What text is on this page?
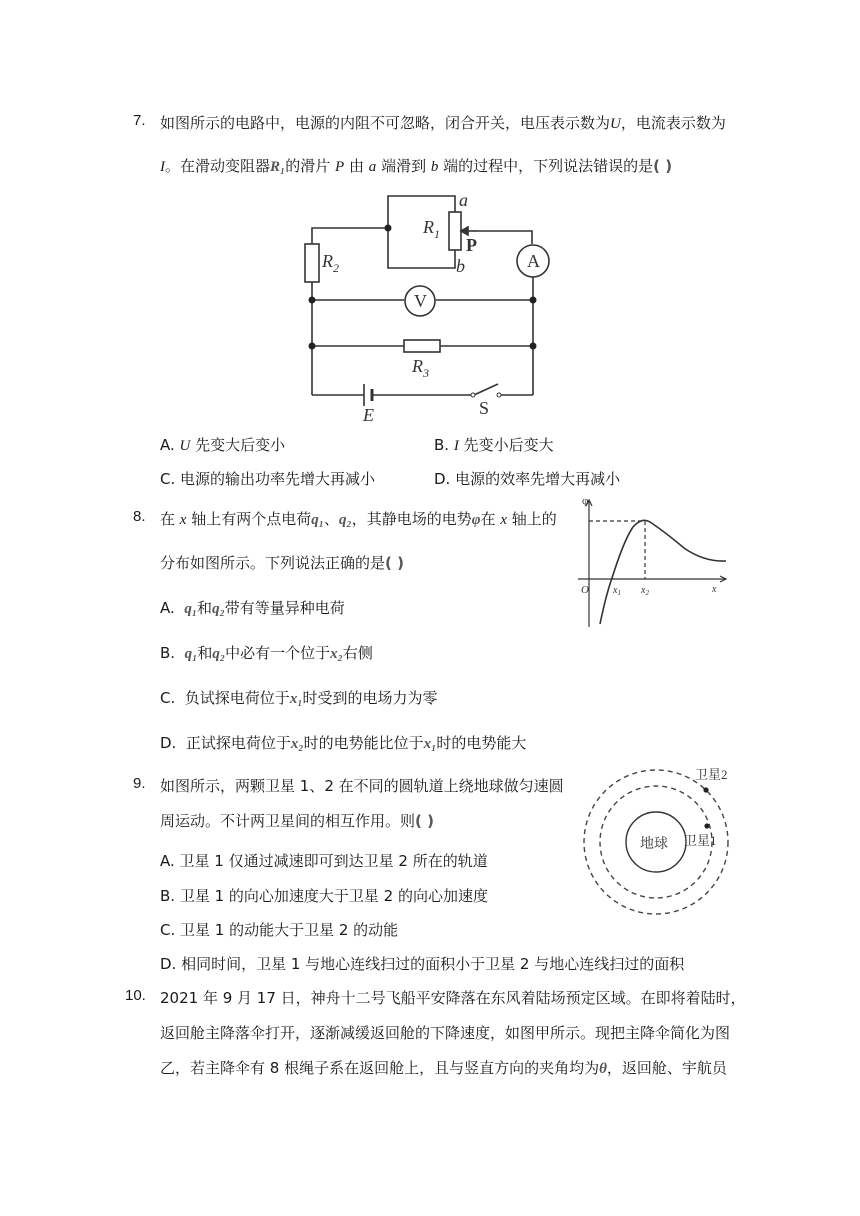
7. 如图所示的电路中，电源的内阻不可忽略，闭合开关，电压表示数为U，电流表示数为
I。在滑动变阻器R₁的滑片 P 由 a 端滑到 b 端的过程中，下列说法错误的是( )
a
$R_1$
P
b
$R_2$	A
V
$R_3$
E	S
A. U 先变大后变小	B. I 先变小后变大
C. 电源的输出功率先增大再减小	D. 电源的效率先增大再减小
8. 在 x 轴上有两个点电荷q₁、q₂，其静电场的电势φ在 x 轴上的
分布如图所示。下列说法正确的是( )
φ
O $x_1$ $x_2$	x
A. q₁和q₂带有等量异种电荷
B. q₁和q₂中必有一个位于x₂右侧
C. 负试探电荷位于x₁时受到的电场力为零
D. 正试探电荷位于x₂时的电势能比位于x₁时的电势能大
9. 如图所示，两颗卫星 1、2 在不同的圆轨道上绕地球做匀速圆
周运动。不计两卫星间的相互作用。则( )
地球 卫星1
卫星2
A. 卫星 1 仅通过减速即可到达卫星 2 所在的轨道
B. 卫星 1 的向心加速度大于卫星 2 的向心加速度
C. 卫星 1 的动能大于卫星 2 的动能
D. 相同时间，卫星 1 与地心连线扫过的面积小于卫星 2 与地心连线扫过的面积
10. 2021 年 9 月 17 日，神舟十二号飞船平安降落在东风着陆场预定区域。在即将着陆时，
返回舱主降落伞打开，逐渐减缓返回舱的下降速度，如图甲所示。现把主降伞简化为图
乙，若主降伞有 8 根绳子系在返回舱上，且与竖直方向的夹角均为θ，返回舱、宇航员
